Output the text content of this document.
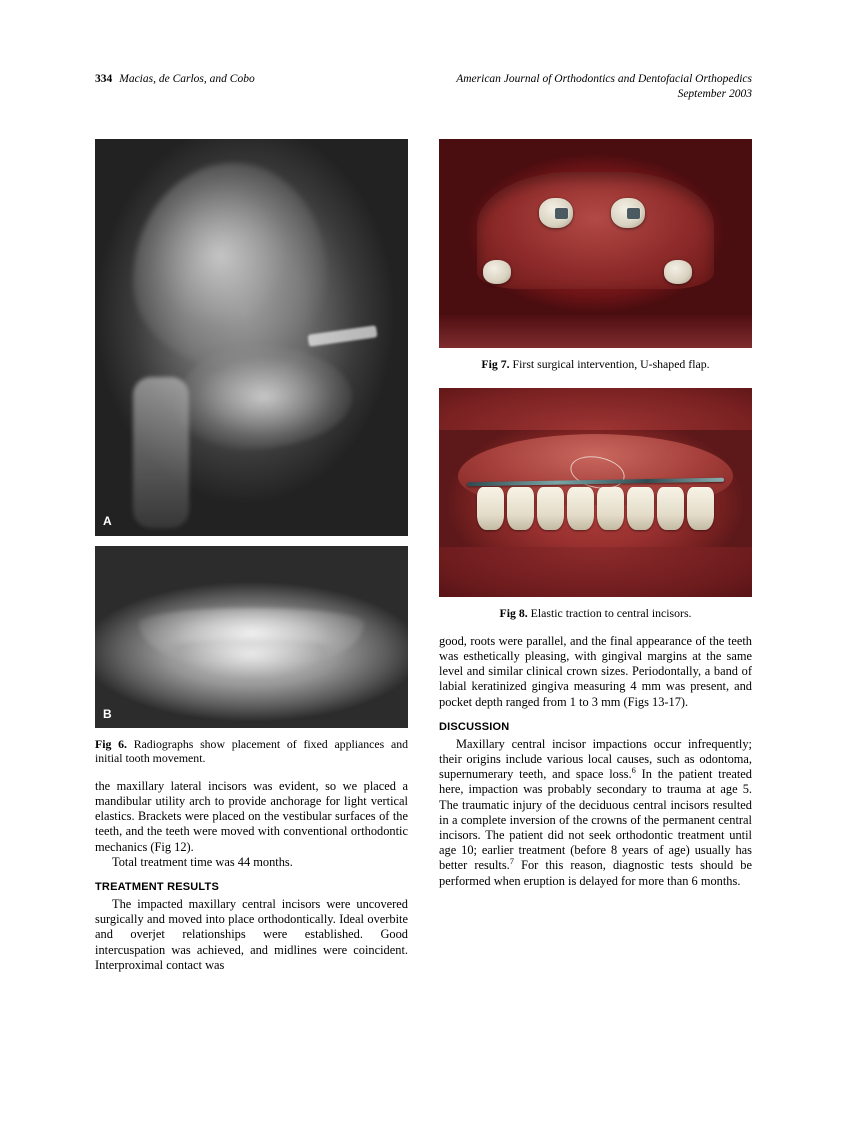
334 Macias, de Carlos, and Cobo	American Journal of Orthodontics and Dentofacial Orthopedics
September 2003
A
B

Fig 6. Radiographs show placement of fixed appliances and initial tooth movement.

the maxillary lateral incisors was evident, so we placed a mandibular utility arch to provide anchorage for light vertical elastics. Brackets were placed on the vestibular surfaces of the teeth, and the teeth were moved with conventional orthodontic mechanics (Fig 12).

Total treatment time was 44 months.

TREATMENT RESULTS

The impacted maxillary central incisors were uncovered surgically and moved into place orthodontically. Ideal overbite and overjet relationships were established. Good intercuspation was achieved, and midlines were coincident. Interproximal contact was

Fig 7. First surgical intervention, U-shaped flap.

Fig 8. Elastic traction to central incisors.

good, roots were parallel, and the final appearance of the teeth was esthetically pleasing, with gingival margins at the same level and similar clinical crown sizes. Periodontally, a band of labial keratinized gingiva measuring 4 mm was present, and pocket depth ranged from 1 to 3 mm (Figs 13-17).

DISCUSSION

Maxillary central incisor impactions occur infrequently; their origins include various local causes, such as odontoma, supernumerary teeth, and space loss.$^6$ In the patient treated here, impaction was probably secondary to trauma at age 5. The traumatic injury of the deciduous central incisors resulted in a complete inversion of the crowns of the permanent central incisors. The patient did not seek orthodontic treatment until age 10; earlier treatment (before 8 years of age) usually has better results.$^7$ For this reason, diagnostic tests should be performed when eruption is delayed for more than 6 months.
